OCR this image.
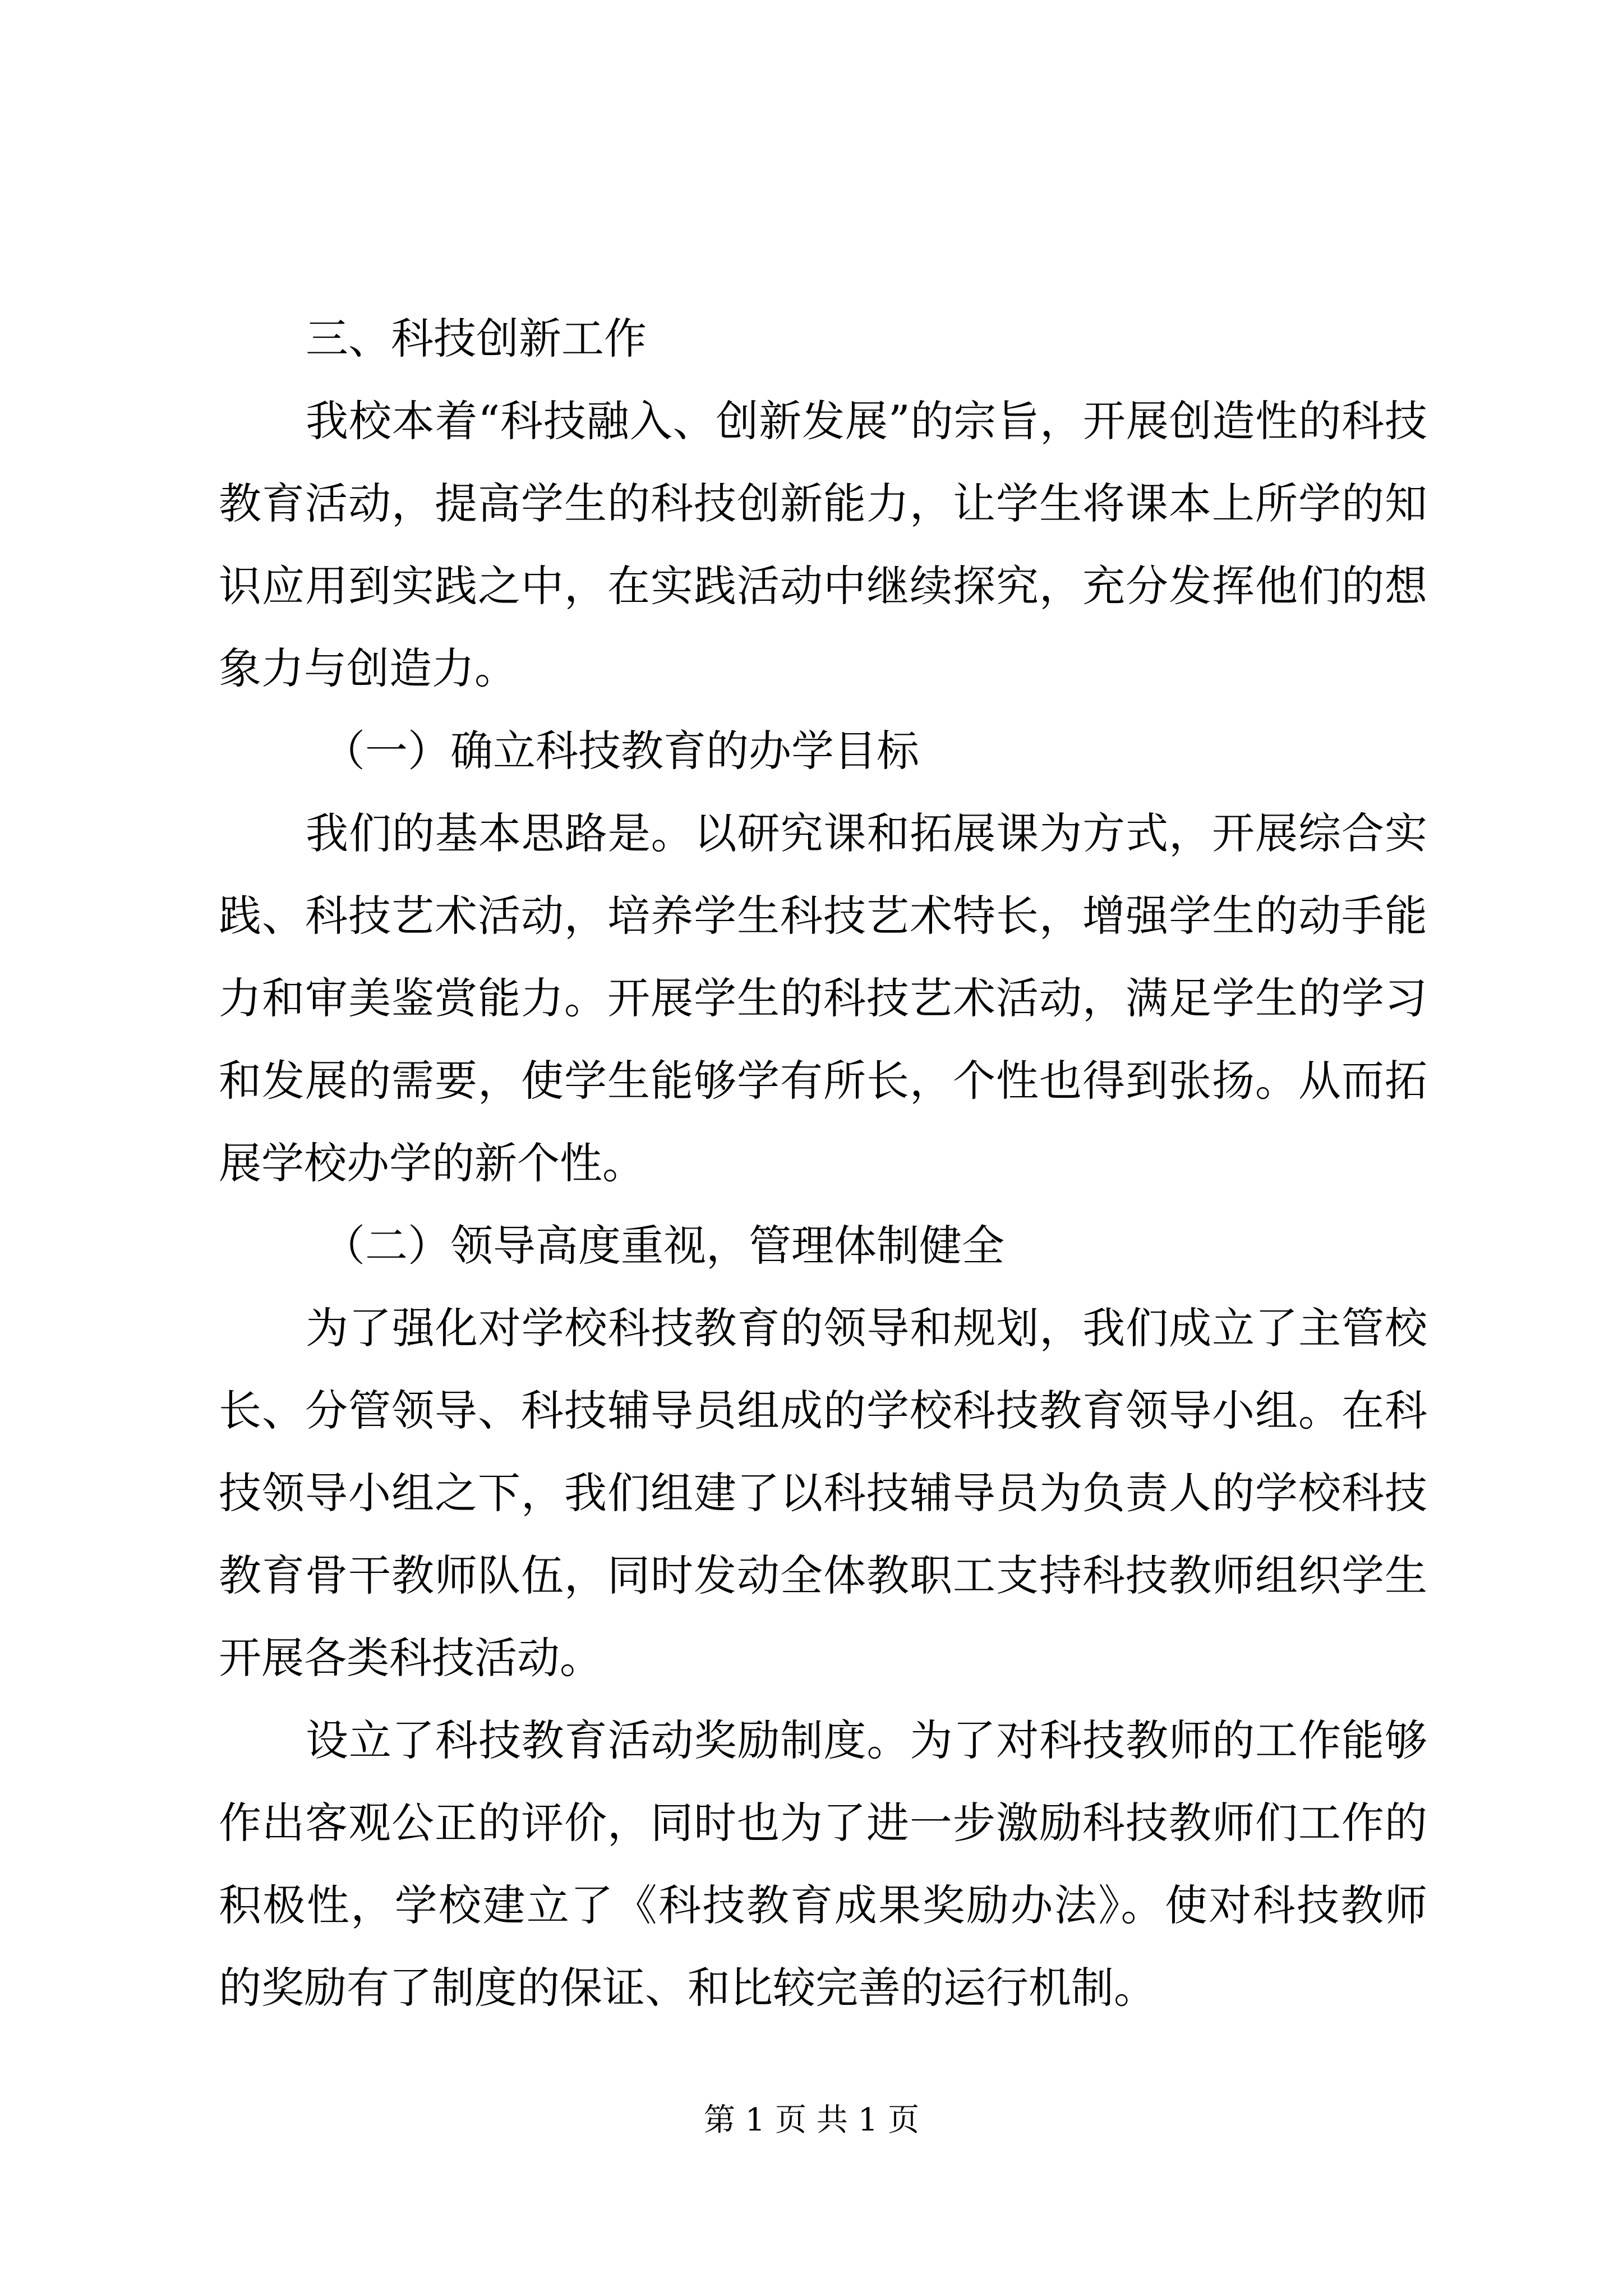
三、科技创新工作

我校本着“科技融入、创新发展”的宗旨，开展创造性的科技教育活动，提高学生的科技创新能力，让学生将课本上所学的知识应用到实践之中，在实践活动中继续探究，充分发挥他们的想象力与创造力。

（一）确立科技教育的办学目标

我们的基本思路是。以研究课和拓展课为方式，开展综合实践、科技艺术活动，培养学生科技艺术特长，增强学生的动手能力和审美鉴赏能力。开展学生的科技艺术活动，满足学生的学习和发展的需要，使学生能够学有所长，个性也得到张扬。从而拓展学校办学的新个性。

（二）领导高度重视，管理体制健全

为了强化对学校科技教育的领导和规划，我们成立了主管校长、分管领导、科技辅导员组成的学校科技教育领导小组。在科技领导小组之下，我们组建了以科技辅导员为负责人的学校科技教育骨干教师队伍，同时发动全体教职工支持科技教师组织学生开展各类科技活动。

设立了科技教育活动奖励制度。为了对科技教师的工作能够作出客观公正的评价，同时也为了进一步激励科技教师们工作的积极性，学校建立了《科技教育成果奖励办法》。使对科技教师的奖励有了制度的保证、和比较完善的运行机制。

第 1 页 共 1 页
